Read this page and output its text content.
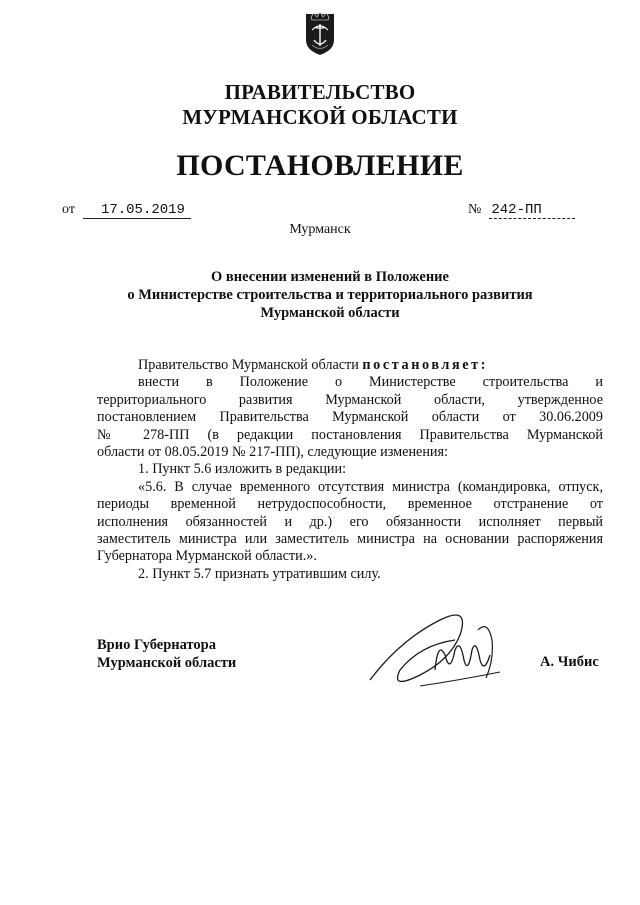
ПРАВИТЕЛЬСТВО
МУРМАНСКОЙ ОБЛАСТИ
ПОСТАНОВЛЕНИЕ
от 17.05.2019	№ 242-ПП
Мурманск
О внесении изменений в Положение
о Министерстве строительства и территориального развития
Мурманской области

Правительство Мурманской области постановляет:

внести в Положение о Министерстве строительства и

территориального развития Мурманской области, утвержденное

постановлением Правительства Мурманской области от 30.06.2009

№ 278-ПП (в редакции постановления Правительства Мурманской

области от 08.05.2019 № 217-ПП), следующие изменения:

1. Пункт 5.6 изложить в редакции:

«5.6. В случае временного отсутствия министра (командировка, отпуск,

периоды временной нетрудоспособности, временное отстранение от

исполнения обязанностей и др.) его обязанности исполняет первый

заместитель министра или заместитель министра на основании распоряжения

Губернатора Мурманской области.».

2. Пункт 5.7 признать утратившим силу.

Врио Губернатора
Мурманской области	А. Чибис
